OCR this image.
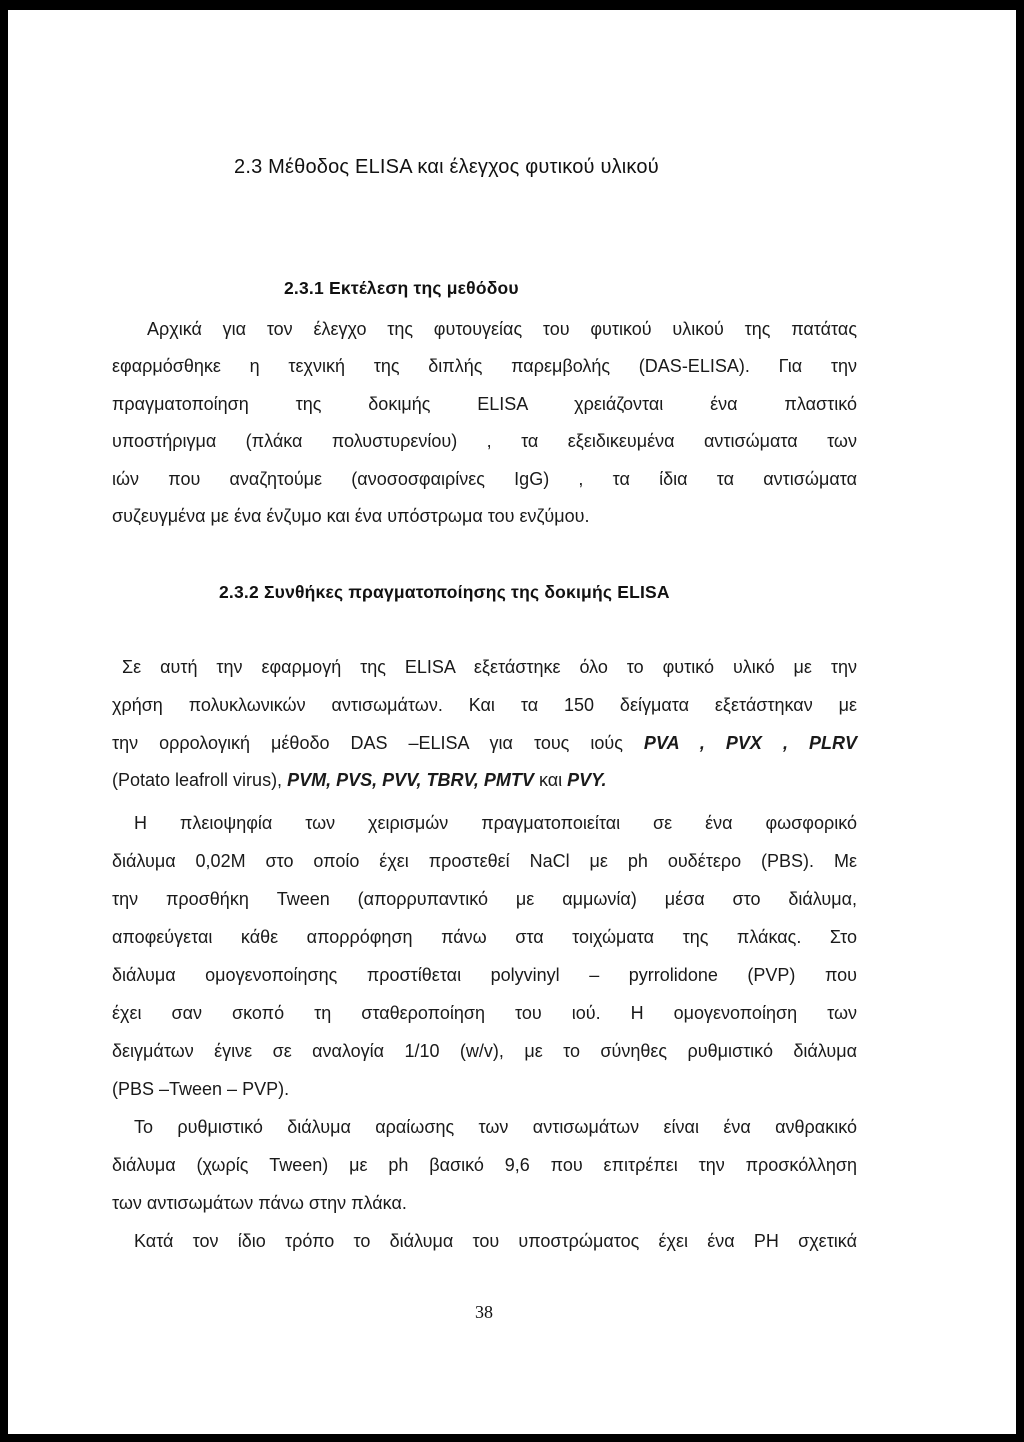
2.3 Μέθοδος ELISA και έλεγχος φυτικού υλικού
2.3.1 Εκτέλεση της μεθόδου
Αρχικά για τον έλεγχο της φυτουγείας του φυτικού υλικού της πατάτας
εφαρμόσθηκε η τεχνική της διπλής παρεμβολής (DAS-ELISA). Για την
πραγματοποίηση της δοκιμής ELISA χρειάζονται ένα πλαστικό
υποστήριγμα (πλάκα πολυστυρενίου) , τα εξειδικευμένα αντισώματα των
ιών που αναζητούμε (ανοσοσφαιρίνες IgG) , τα ίδια τα αντισώματα
συζευγμένα με ένα ένζυμο και ένα υπόστρωμα του ενζύμου.
2.3.2 Συνθήκες πραγματοποίησης της δοκιμής ELISA
Σε αυτή την εφαρμογή της ELISA εξετάστηκε όλο το φυτικό υλικό με την
χρήση πολυκλωνικών αντισωμάτων. Και τα 150 δείγματα εξετάστηκαν με
την ορρολογική μέθοδο DAS –ELISA για τους ιούς PVA , PVX , PLRV
(Potato leafroll virus), PVM, PVS, PVV, TBRV, PMTV και PVY.
Η πλειοψηφία των χειρισμών πραγματοποιείται σε ένα φωσφορικό
διάλυμα 0,02Μ στο οποίο έχει προστεθεί NaCl με ph ουδέτερο (PBS). Με
την προσθήκη Tween (απορρυπαντικό με αμμωνία) μέσα στο διάλυμα,
αποφεύγεται κάθε απορρόφηση πάνω στα τοιχώματα της πλάκας. Στο
διάλυμα ομογενοποίησης προστίθεται polyvinyl – pyrrolidone (PVP) που
έχει σαν σκοπό τη σταθεροποίηση του ιού. Η ομογενοποίηση των
δειγμάτων έγινε σε αναλογία 1/10 (w/v), με το σύνηθες ρυθμιστικό διάλυμα
(PBS –Tween – PVP).
Το ρυθμιστικό διάλυμα αραίωσης των αντισωμάτων είναι ένα ανθρακικό
διάλυμα (χωρίς Tween) με ph βασικό 9,6 που επιτρέπει την προσκόλληση
των αντισωμάτων πάνω στην πλάκα.
Κατά τον ίδιο τρόπο το διάλυμα του υποστρώματος έχει ένα PH σχετικά
38
